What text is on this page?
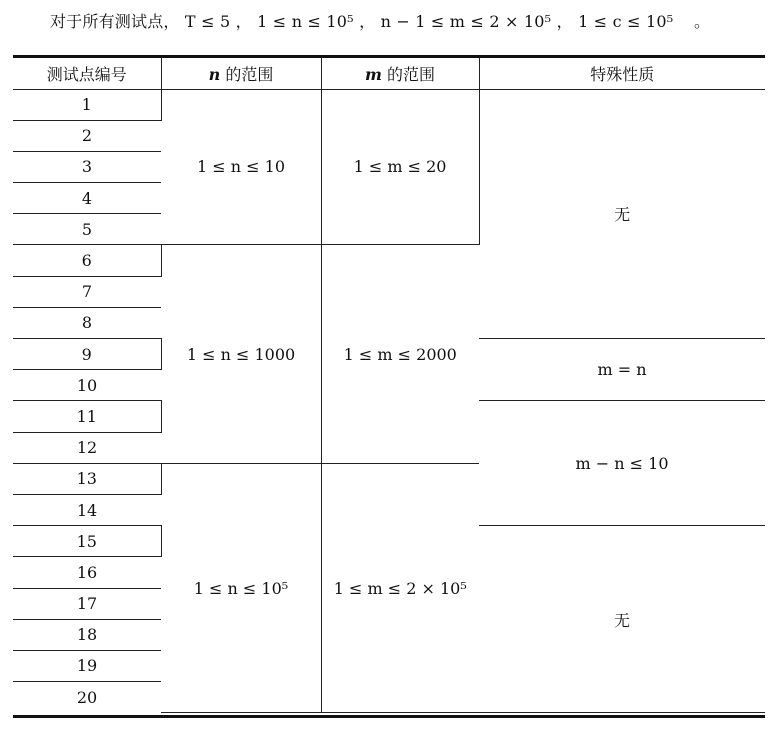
对于所有测试点， T ≤ 5 ， 1 ≤ n ≤ 10⁵ ， n − 1 ≤ m ≤ 2 × 10⁵ ， 1 ≤ c ≤ 10⁵ 。
测试点编号	n 的范围	m 的范围	特殊性质
1	1 ≤ n ≤ 10	1 ≤ m ≤ 20	无
2			
3			
4			
5			
6	1 ≤ n ≤ 1000	1 ≤ m ≤ 2000	
7			
8			
9			m = n
10			
11			m − n ≤ 10
12			
13	1 ≤ n ≤ 10⁵	1 ≤ m ≤ 2 × 10⁵	
14			
15			无
16			
17			
18			
19			
20			
